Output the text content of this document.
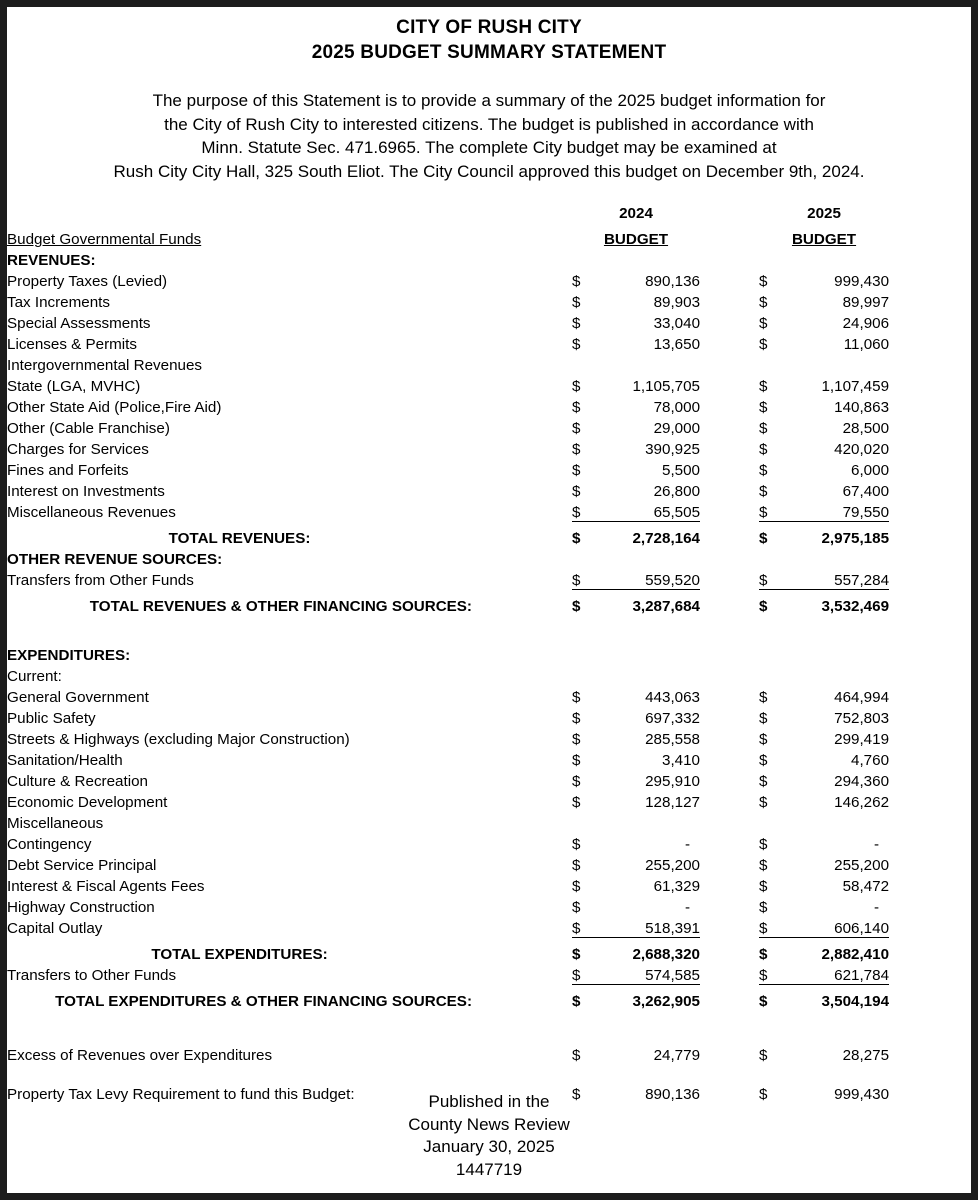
CITY OF RUSH CITY
2025 BUDGET SUMMARY STATEMENT
The purpose of this Statement is to provide a summary of the 2025 budget information for
the City of Rush City to interested citizens. The budget is published in accordance with
Minn. Statute Sec. 471.6965. The complete City budget may be examined at
Rush City City Hall, 325 South Eliot. The City Council approved this budget on December 9th, 2024.
		2024			2025		
Budget Governmental Funds		BUDGET			BUDGET		
REVENUES:							
Property Taxes (Levied)		$	890,136		$	999,430	
Tax Increments		$	89,903		$	89,997	
Special Assessments		$	33,040		$	24,906	
Licenses & Permits		$	13,650		$	11,060	
Intergovernmental Revenues							
State (LGA, MVHC)		$	1,105,705		$	1,107,459	
Other State Aid (Police,Fire Aid)		$	78,000		$	140,863	
Other (Cable Franchise)		$	29,000		$	28,500	
Charges for Services		$	390,925		$	420,020	
Fines and Forfeits		$	5,500		$	6,000	
Interest on Investments		$	26,800		$	67,400	
Miscellaneous Revenues		$	65,505		$	79,550	
TOTAL REVENUES:		$	2,728,164		$	2,975,185	
OTHER REVENUE SOURCES:							
Transfers from Other Funds		$	559,520		$	557,284	
TOTAL REVENUES & OTHER FINANCING SOURCES:		$	3,287,684		$	3,532,469	

EXPENDITURES:							
Current:							
General Government		$	443,063		$	464,994	
Public Safety		$	697,332		$	752,803	
Streets & Highways (excluding Major Construction)		$	285,558		$	299,419	
Sanitation/Health		$	3,410		$	4,760	
Culture & Recreation		$	295,910		$	294,360	
Economic Development		$	128,127		$	146,262	
Miscellaneous							
Contingency		$	-		$	-	
Debt Service Principal		$	255,200		$	255,200	
Interest & Fiscal Agents Fees		$	61,329		$	58,472	
Highway Construction		$	-		$	-	
Capital Outlay		$	518,391		$	606,140	
TOTAL EXPENDITURES:		$	2,688,320		$	2,882,410	
Transfers to Other Funds		$	574,585		$	621,784	
TOTAL EXPENDITURES & OTHER FINANCING SOURCES:		$	3,262,905		$	3,504,194	

Excess of Revenues over Expenditures		$	24,779		$	28,275	

Property Tax Levy Requirement to fund this Budget:		$	890,136		$	999,430	
Published in the
County News Review
January 30, 2025
1447719
